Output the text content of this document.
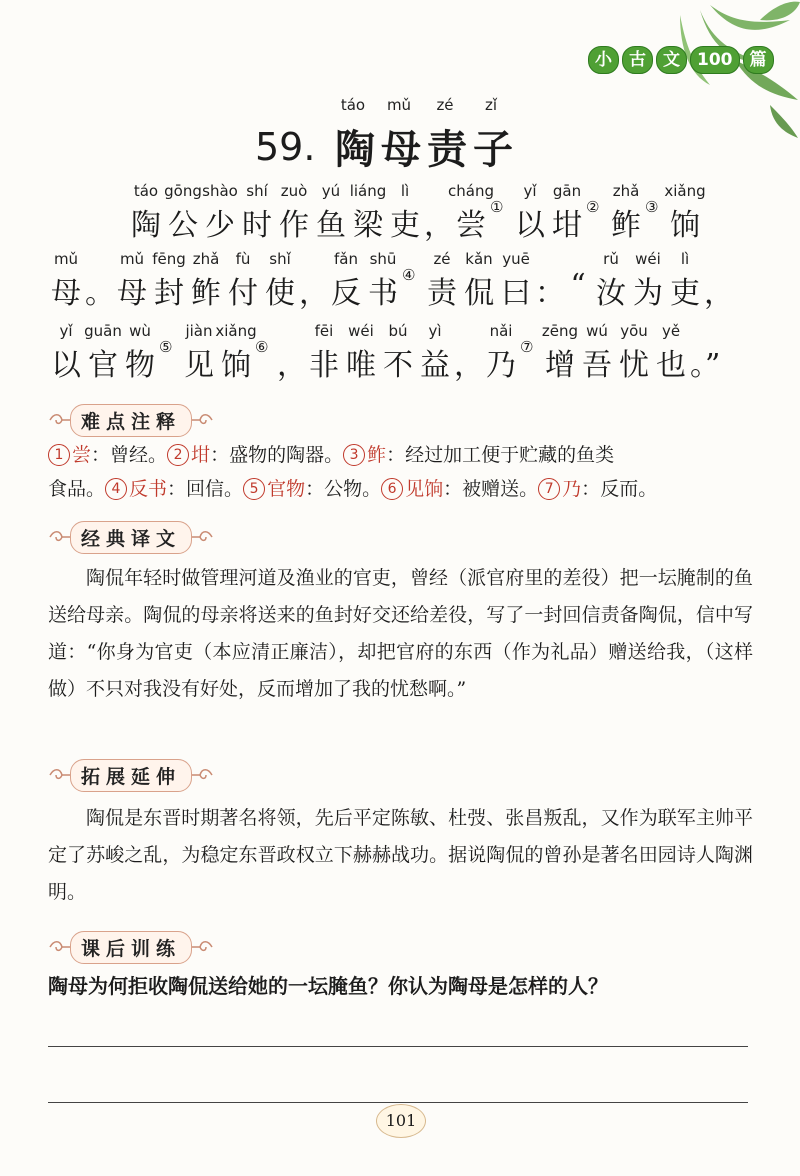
小	古	文	100	篇
59.
táo
陶
mǔ
母
zé
责
zǐ
子
táo
陶
gōng
公
shào
少
shí
时
zuò
作
yú
鱼
liáng
梁
lì
吏 ，
cháng
尝
①
yǐ
以
gān
坩
②
zhǎ
鲊
③
xiǎng
饷
mǔ
母 。
mǔ
母
fēng
封
zhǎ
鲊
fù
付
shǐ
使 ，
fǎn
反
shū
书
④
zé
责
kǎn
侃
yuē
曰 ： “
rǔ
汝
wéi
为
lì
吏 ，
yǐ
以
guān
官
wù
物
⑤
jiàn
见
xiǎng
饷
⑥
，
fēi
非
wéi
唯
bú
不
yì
益 ，
nǎi
乃
⑦
zēng
增
wú
吾
yōu
忧
yě
也 。”
难点注释
1 尝：曾经。 2 坩：盛物的陶器。 3 鲊：经过加工便于贮藏的鱼类
食品。 4 反书：回信。 5 官物：公物。 6 见饷：被赠送。 7 乃：反而。
经典译文
陶侃年轻时做管理河道及渔业的官吏，曾经（派官府里的差役）把一坛腌制的鱼送给母亲。陶侃的母亲将送来的鱼封好交还给差役，写了一封回信责备陶侃，信中写道：“你身为官吏（本应清正廉洁），却把官府的东西（作为礼品）赠送给我，（这样做）不只对我没有好处，反而增加了我的忧愁啊。”
拓展延伸
陶侃是东晋时期著名将领，先后平定陈敏、杜弢、张昌叛乱，又作为联军主帅平定了苏峻之乱，为稳定东晋政权立下赫赫战功。据说陶侃的曾孙是著名田园诗人陶渊明。
课后训练
陶母为何拒收陶侃送给她的一坛腌鱼？你认为陶母是怎样的人？
101
